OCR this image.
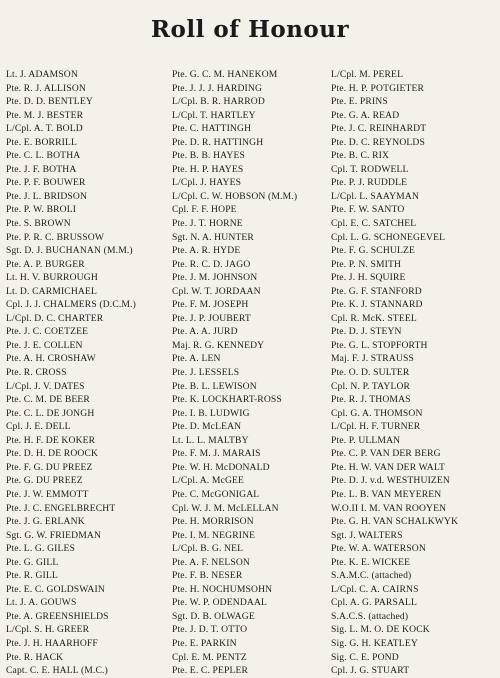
Roll of Honour
Lt. J. ADAMSON
Pte. R. J. ALLISON
Pte. D. D. BENTLEY
Pte. M. J. BESTER
L/Cpl. A. T. BOLD
Pte. E. BORRILL
Pte. C. L. BOTHA
Pte. J. F. BOTHA
Pte. P. F. BOUWER
Pte. J. L. BRIDSON
Pte. P. W. BROLI
Pte. S. BROWN
Pte. P. R. C. BRUSSOW
Sgt. D. J. BUCHANAN (M.M.)
Pte. A. P. BURGER
Lt. H. V. BURROUGH
Lt. D. CARMICHAEL
Cpl. J. J. CHALMERS (D.C.M.)
L/Cpl. D. C. CHARTER
Pte. J. C. COETZEE
Pte. J. E. COLLEN
Pte. A. H. CROSHAW
Pte. R. CROSS
L/Cpl. J. V. DATES
Pte. C. M. DE BEER
Pte. C. L. DE JONGH
Cpl. J. E. DELL
Pte. H. F. DE KOKER
Pte. D. H. DE ROOCK
Pte. F. G. DU PREEZ
Pte. G. DU PREEZ
Pte. J. W. EMMOTT
Pte. J. C. ENGELBRECHT
Pte. J. G. ERLANK
Sgt. G. W. FRIEDMAN
Pte. L. G. GILES
Pte. G. GILL
Pte. R. GILL
Pte. E. C. GOLDSWAIN
Lt. J. A. GOUWS
Pte. A. GREENSHIELDS
L/Cpl. S. H. GREER
Pte. J. H. HAARHOFF
Pte. R. HACK
Capt. C. E. HALL (M.C.)
Pte. G. C. M. HANEKOM
Pte. J. J. J. HARDING
L/Cpl. B. R. HARROD
L/Cpl. T. HARTLEY
Pte. C. HATTINGH
Pte. D. R. HATTINGH
Pte. B. B. HAYES
Pte. H. P. HAYES
L/Cpl. J. HAYES
L/Cpl. C. W. HOBSON (M.M.)
Cpl. F. F. HOPE
Pte. J. T. HORNE
Sgt. N. A. HUNTER
Pte. A. R. HYDE
Pte. R. C. D. JAGO
Pte. J. M. JOHNSON
Cpl. W. T. JORDAAN
Pte. F. M. JOSEPH
Pte. J. P. JOUBERT
Pte. A. A. JURD
Maj. R. G. KENNEDY
Pte. A. LEN
Pte. J. LESSELS
Pte. B. L. LEWISON
Pte. K. LOCKHART-ROSS
Pte. I. B. LUDWIG
Pte. D. McLEAN
Lt. L. L. MALTBY
Pte. F. M. J. MARAIS
Pte. W. H. McDONALD
L/Cpl. A. McGEE
Pte. C. McGONIGAL
Cpl. W. J. M. McLELLAN
Pte. H. MORRISON
Pte. I. M. NEGRINE
L/Cpl. B. G. NEL
Pte. A. F. NELSON
Pte. F. B. NESER
Pte. H. NOCHUMSOHN
Pte. W. P. ODENDAAL
Sgt. D. B. OLWAGE
Pte. J. D. T. OTTO
Pte. E. PARKIN
Cpl. E. M. PENTZ
Pte. E. C. PEPLER
L/Cpl. M. PEREL
Pte. H. P. POTGIETER
Pte. E. PRINS
Pte. G. A. READ
Pte. J. C. REINHARDT
Pte. D. C. REYNOLDS
Pte. B. C. RIX
Cpl. T. RODWELL
Pte. P. J. RUDDLE
L/Cpl. L. SAAYMAN
Pte. F. W. SANTO
Cpl. E. C. SATCHEL
Cpl. L. G. SCHONEGEVEL
Pte. F. G. SCHULZE
Pte. P. N. SMITH
Pte. J. H. SQUIRE
Pte. G. F. STANFORD
Pte. K. J. STANNARD
Cpl. R. McK. STEEL
Pte. D. J. STEYN
Pte. G. L. STOPFORTH
Maj. F. J. STRAUSS
Pte. O. D. SULTER
Cpl. N. P. TAYLOR
Pte. R. J. THOMAS
Cpl. G. A. THOMSON
L/Cpl. H. F. TURNER
Pte. P. ULLMAN
Pte. C. P. VAN DER BERG
Pte. H. W. VAN DER WALT
Pte. D. J. v.d. WESTHUIZEN
Pte. L. B. VAN MEYEREN
W.O.II I. M. VAN ROOYEN
Pte. G. H. VAN SCHALKWYK
Sgt. J. WALTERS
Pte. W. A. WATERSON
Pte. K. E. WICKEE
S.A.M.C. (attached)
L/Cpl. C. A. CAIRNS
Cpl. A. G. PARSALL
S.A.C.S. (attached)
Sig. L. M. O. DE KOCK
Sig. G. H. KEATLEY
Sig. C. E. POND
Cpl. J. G. STUART
